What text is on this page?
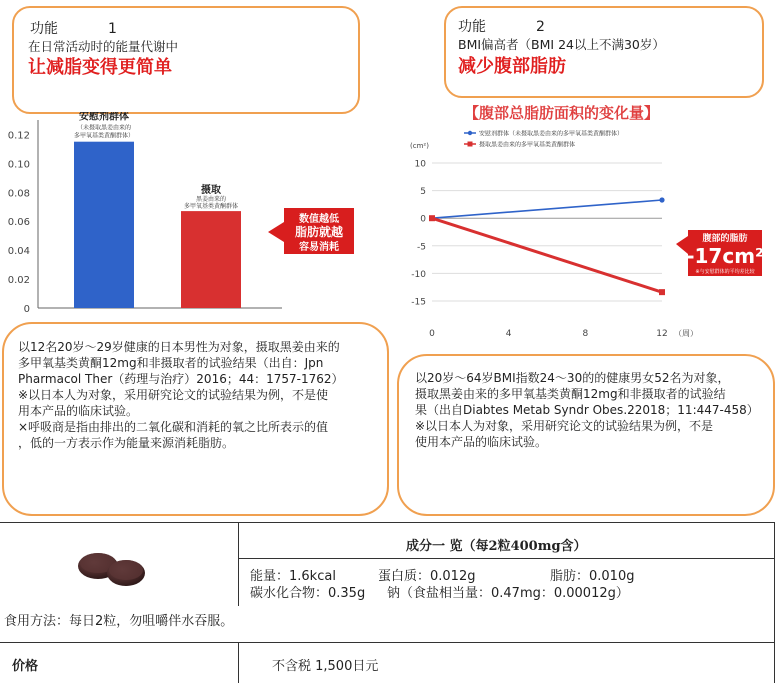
功能	1
在日常活动时的能量代谢中
让减脂变得更简单
功能	2
BMI偏高者（BMI 24以上不满30岁）
减少腹部脂肪
0
0.02
0.04
0.06
0.08
0.10
0.12
安慰剂群体
（未摄取黑姜由来的
多甲氧基类黄酮群体）
摄取
黑姜由来的
多甲氧基类黄酮群体
数值越低
脂肪就越
容易消耗
【腹部总脂肪面积的变化量】
安慰剂群体（未摄取黑姜由来的多甲氧基类黄酮群体）
摄取黑姜由来的多甲氧基类黄酮群体
(cm²)
10
5
0
-5
-10
-15
0	4	8	12 （周）
腹部的脂肪
-17cm²
※与安慰群体的平均差比较
以12名20岁～29岁健康的日本男性为对象，摄取黑姜由来的
多甲氧基类黄酮12mg和非摄取者的试验结果（出自：Jpn
Pharmacol Ther（药理与治疗）2016；44：1757-1762）
※以日本人为对象，采用研究论文的试验结果为例，不是使
用本产品的临床试验。
×呼吸商是指由排出的二氧化碳和消耗的氧之比所表示的值
，低的一方表示作为能量来源消耗脂肪。
以20岁～64岁BMI指数24～30的的健康男女52名为对象，
摄取黑姜由来的多甲氧基类黄酮12mg和非摄取者的试验结
果（出自Diabtes Metab Syndr Obes.22018；11:447-458）
※以日本人为对象，采用研究论文的试验结果为例，不是
使用本产品的临床试验。
成分一 览（每2粒400mg含）
能量：1.6kcal	蛋白质：0.012g	脂肪：0.010g
碳水化合物：0.35g 钠（食盐相当量：0.47mg：0.00012g）
食用方法：每日2粒，勿咀嚼伴水吞服。
价格	不含税 1,500日元
